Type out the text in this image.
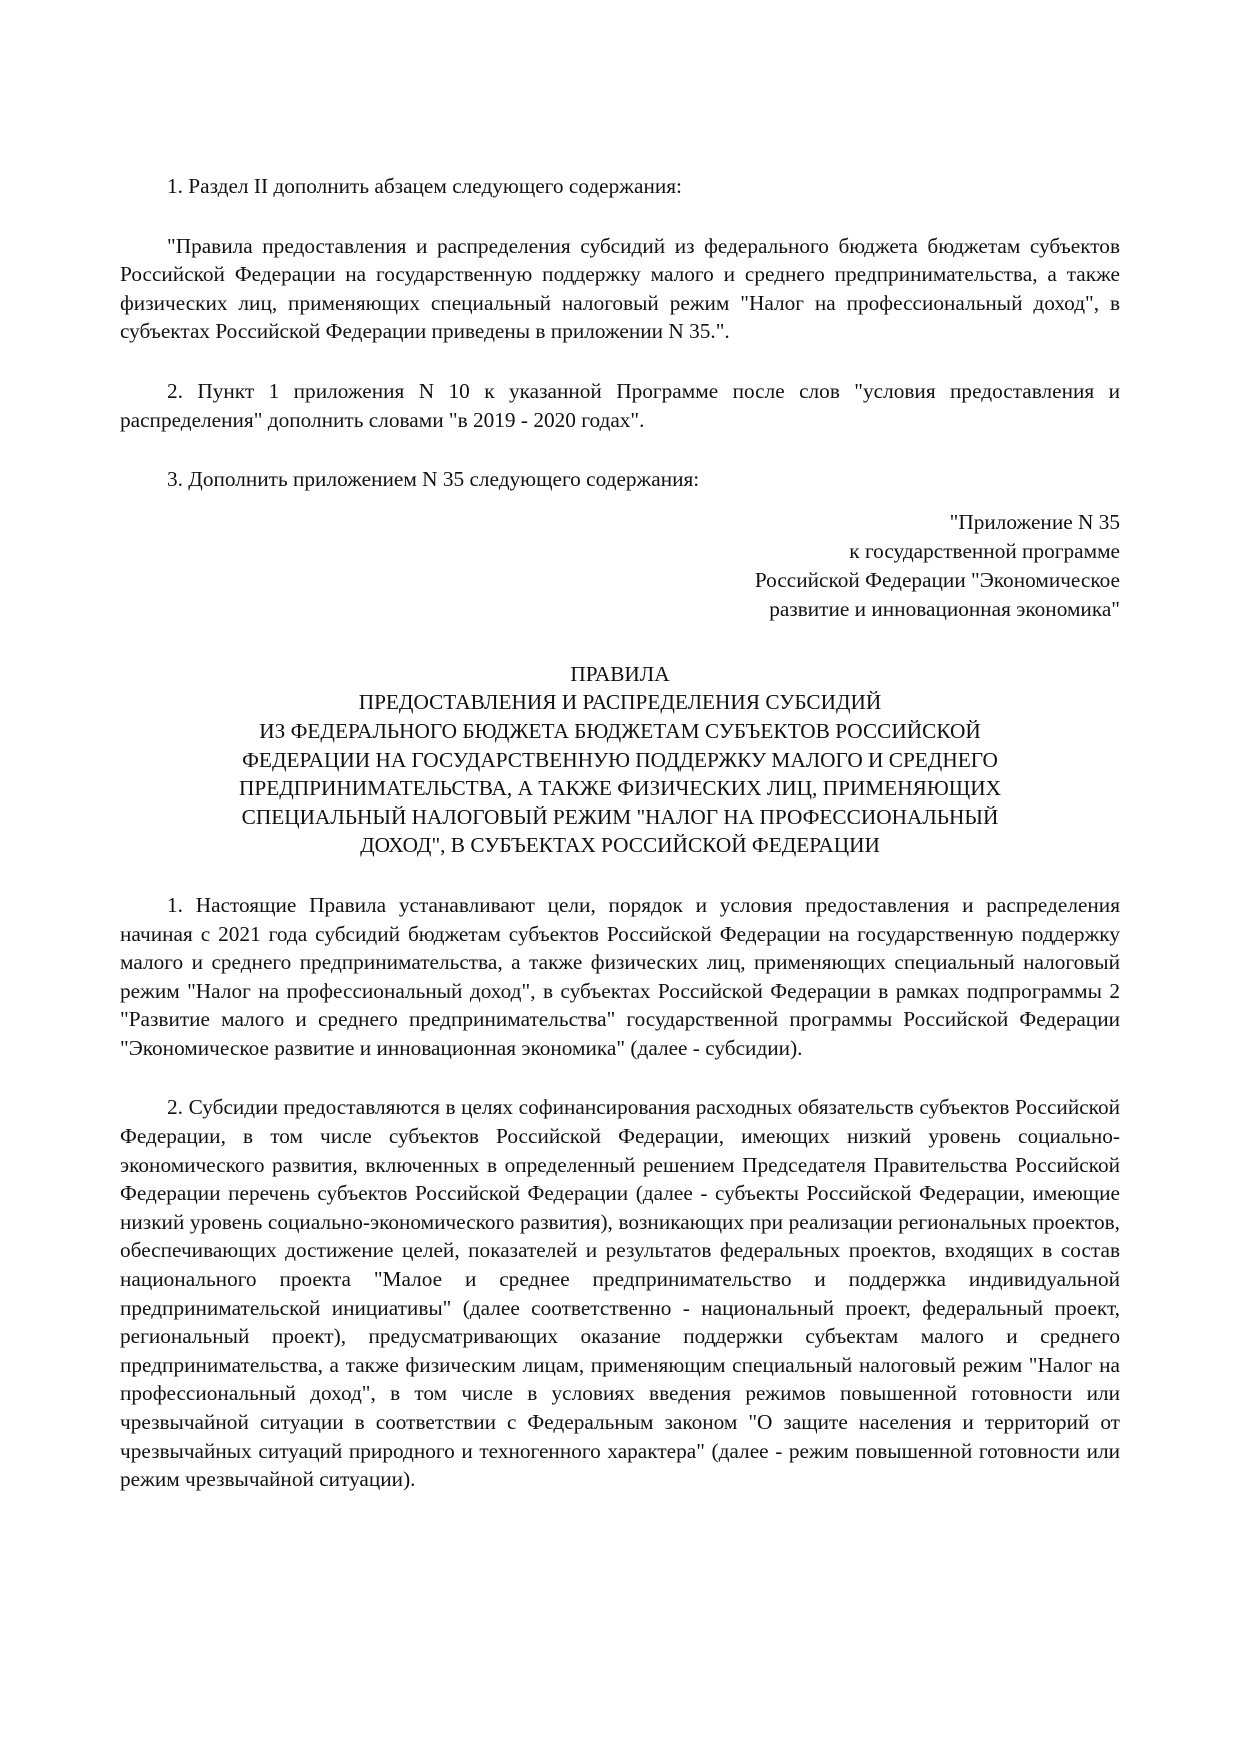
1. Раздел II дополнить абзацем следующего содержания:

"Правила предоставления и распределения субсидий из федерального бюджета бюджетам субъектов Российской Федерации на государственную поддержку малого и среднего предпринимательства, а также физических лиц, применяющих специальный налоговый режим "Налог на профессиональный доход", в субъектах Российской Федерации приведены в приложении N 35.".

2. Пункт 1 приложения N 10 к указанной Программе после слов "условия предоставления и распределения" дополнить словами "в 2019 - 2020 годах".

3. Дополнить приложением N 35 следующего содержания:

"Приложение N 35
к государственной программе
Российской Федерации "Экономическое
развитие и инновационная экономика"
ПРАВИЛА
ПРЕДОСТАВЛЕНИЯ И РАСПРЕДЕЛЕНИЯ СУБСИДИЙ
ИЗ ФЕДЕРАЛЬНОГО БЮДЖЕТА БЮДЖЕТАМ СУБЪЕКТОВ РОССИЙСКОЙ
ФЕДЕРАЦИИ НА ГОСУДАРСТВЕННУЮ ПОДДЕРЖКУ МАЛОГО И СРЕДНЕГО
ПРЕДПРИНИМАТЕЛЬСТВА, А ТАКЖЕ ФИЗИЧЕСКИХ ЛИЦ, ПРИМЕНЯЮЩИХ
СПЕЦИАЛЬНЫЙ НАЛОГОВЫЙ РЕЖИМ "НАЛОГ НА ПРОФЕССИОНАЛЬНЫЙ
ДОХОД", В СУБЪЕКТАХ РОССИЙСКОЙ ФЕДЕРАЦИИ

1. Настоящие Правила устанавливают цели, порядок и условия предоставления и распределения начиная с 2021 года субсидий бюджетам субъектов Российской Федерации на государственную поддержку малого и среднего предпринимательства, а также физических лиц, применяющих специальный налоговый режим "Налог на профессиональный доход", в субъектах Российской Федерации в рамках подпрограммы 2 "Развитие малого и среднего предпринимательства" государственной программы Российской Федерации "Экономическое развитие и инновационная экономика" (далее - субсидии).

2. Субсидии предоставляются в целях софинансирования расходных обязательств субъектов Российской Федерации, в том числе субъектов Российской Федерации, имеющих низкий уровень социально-экономического развития, включенных в определенный решением Председателя Правительства Российской Федерации перечень субъектов Российской Федерации (далее - субъекты Российской Федерации, имеющие низкий уровень социально-экономического развития), возникающих при реализации региональных проектов, обеспечивающих достижение целей, показателей и результатов федеральных проектов, входящих в состав национального проекта "Малое и среднее предпринимательство и поддержка индивидуальной предпринимательской инициативы" (далее соответственно - национальный проект, федеральный проект, региональный проект), предусматривающих оказание поддержки субъектам малого и среднего предпринимательства, а также физическим лицам, применяющим специальный налоговый режим "Налог на профессиональный доход", в том числе в условиях введения режимов повышенной готовности или чрезвычайной ситуации в соответствии с Федеральным законом "О защите населения и территорий от чрезвычайных ситуаций природного и техногенного характера" (далее - режим повышенной готовности или режим чрезвычайной ситуации).
